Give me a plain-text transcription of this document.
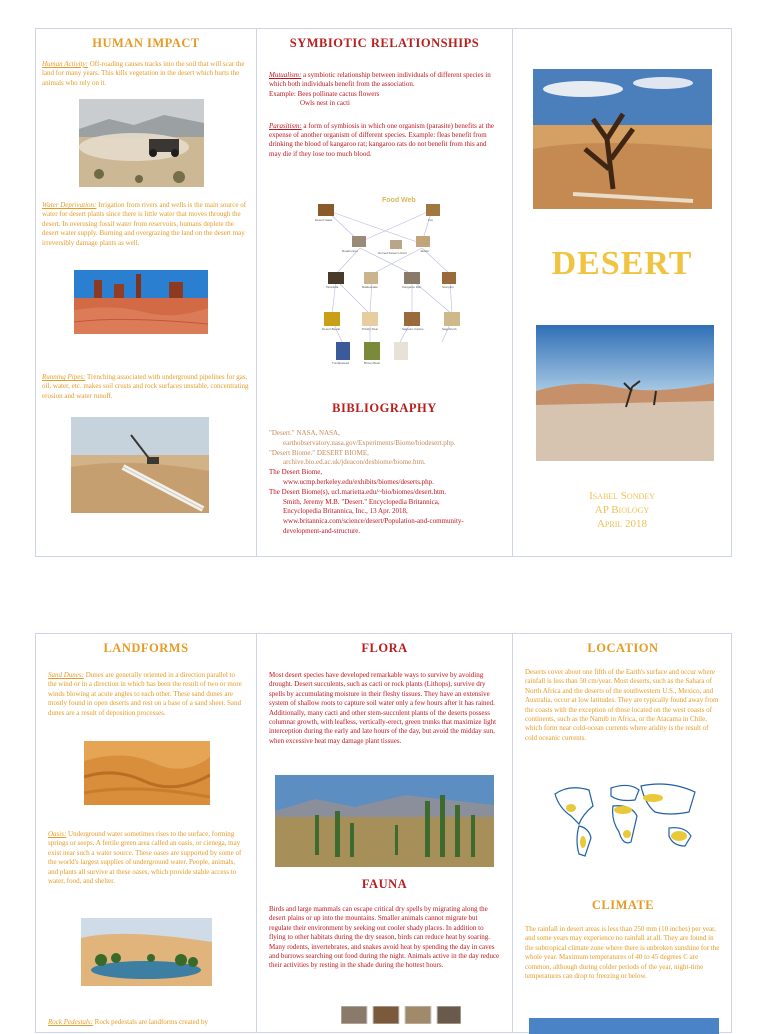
HUMAN IMPACT

Human Activity: Off-roading causes tracks into the soil that will scar the land for many years. This kills vegetation in the desert which hurts the animals who rely on it.

Water Deprivation: Irrigation from rivers and wells is the main source of water for desert plants since there is little water that moves through the desert. In overusing fossil water from reservoirs, humans deplete the desert water supply. Burning and overgrazing the land on the desert may irreversibly damage plants as well.

Running Pipes: Trenching associated with underground pipelines for gas, oil, water, etc. makes soil crusts and rock surfaces unstable, concentrating erosion and water runoff.

SYMBIOTIC RELATIONSHIPS

Mutualism: a symbiotic relationship between individuals of different species in which both individuals benefit from the association.
Example: Bees pollinate cactus flowers
Owls nest in cacti

Parasitism: a form of symbiosis in which one organism (parasite) benefits at the expense of another organism of different species. Example: fleas benefit from drinking the blood of kangaroo rat; kangaroo rats do not benefit from this and may die if they lose too much blood.

Food Web
Desert Hawk	Fox
Roadrunner	Horned Desert Lizard	Jackal
Tarantula	Scorpion
Kangaroo Rat
Rattlesnake
Desert Beetle	Prickly Pear	Saguaro Cactus	Sagebrush
Tumbleweed	Brown Bush
BIBLIOGRAPHY
"Desert." NASA, NASA,
earthobservatory.nasa.gov/Experiments/Biome/biodesert.php.
"Desert Biome." DESERT BIOME,
archive.bio.ed.ac.uk/jdeacon/desbiome/biome.htm.
The Desert Biome,
www.ucmp.berkeley.edu/exhibits/biomes/deserts.php.
The Desert Biome(s), ucl.marietta.edu/~bio/biomes/desert.htm.
Smith, Jeremy M.B. "Desert." Encyclopedia Britannica,
Encyclopedia Britannica, Inc., 13 Apr. 2018,
www.britannica.com/science/desert/Population-and-community-
development-and-structure.
DESERT
Isabel Sondey
AP Biology
April 2018
LANDFORMS

Sand Dunes: Dunes are generally oriented in a direction parallel to the wind or in a direction in which has been the result of two or more winds blowing at acute angles to each other. These sand dunes are mostly found in open deserts and rest on a base of a sand sheet. Sand dunes are a result of deposition processes.

Oasis: Underground water sometimes rises to the surface, forming springs or seeps. A fertile green area called an oasis, or cienega, may exist near such a water source. These oases are supported by some of the world's largest supplies of underground water. People, animals, and plants all survive at these oases, which provide stable access to water, food, and shelter.

Rock Pedestals: Rock pedestals are landforms created by

FLORA

Most desert species have developed remarkable ways to survive by avoiding drought. Desert succulents, such as cacti or rock plants (Lithops), survive dry spells by accumulating moisture in their fleshy tissues. They have an extensive system of shallow roots to capture soil water only a few hours after it has rained. Additionally, many cacti and other stem-succulent plants of the deserts possess columnar growth, with leafless, vertically-erect, green trunks that maximize light interception during the early and late hours of the day, but avoid the midday sun, when excessive heat may damage plant tissues.

FAUNA

Birds and large mammals can escape critical dry spells by migrating along the desert plains or up into the mountains. Smaller animals cannot migrate but regulate their environment by seeking out cooler shady places. In addition to flying to other habitats during the dry season, birds can reduce heat by soaring. Many rodents, invertebrates, and snakes avoid heat by spending the day in caves and burrows searching out food during the night. Animals active in the day reduce their activities by resting in the shade during the hottest hours.

LOCATION

Deserts cover about one fifth of the Earth's surface and occur where rainfall is less than 50 cm/year. Most deserts, such as the Sahara of North Africa and the deserts of the southwestern U.S., Mexico, and Australia, occur at low latitudes. They are typically found away from the coasts with the exception of those located on the west coasts of continents, such as the Namib in Africa, or the Atacama in Chile, which form near cold-ocean currents where aridity is the result of cold oceanic currents.

CLIMATE

The rainfall in desert areas is less than 250 mm (10 inches) per year, and some years may experience no rainfall at all. They are found in the subtropical climate zone where there is unbroken sunshine for the whole year. Maximum temperatures of 40 to 45 degrees C are common, although during colder periods of the year, night-time temperatures can drop to freezing or below.
